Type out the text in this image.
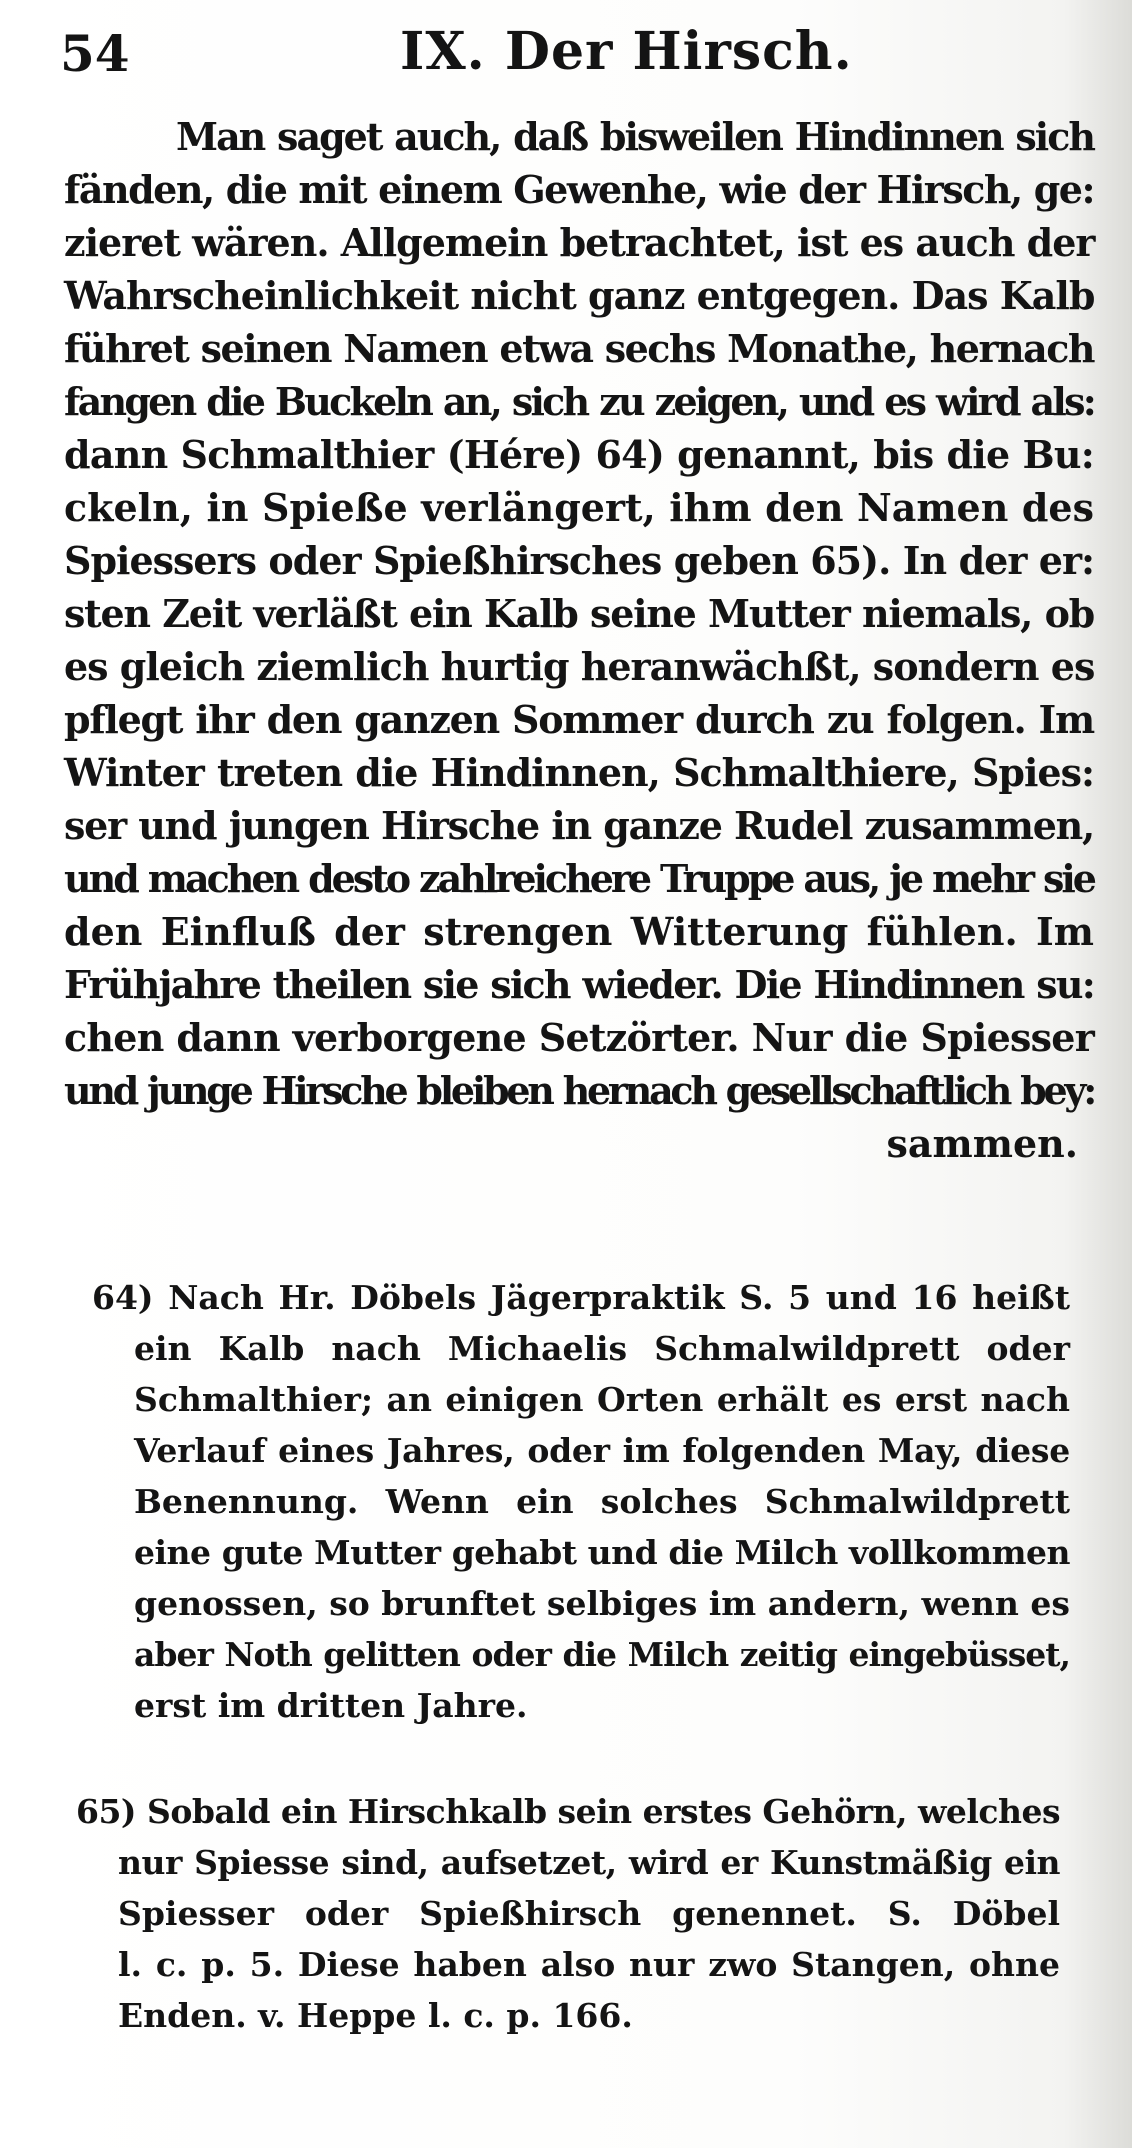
54	IX. Der Hirsch.
Man saget auch, daß bisweilen Hindinnen sich
fänden, die mit einem Gewenhe, wie der Hirsch, ge:
zieret wären. Allgemein betrachtet, ist es auch der
Wahrscheinlichkeit nicht ganz entgegen. Das Kalb
führet seinen Namen etwa sechs Monathe, hernach
fangen die Buckeln an, sich zu zeigen, und es wird als:
dann Schmalthier (Hére) 64) genannt, bis die Bu:
ckeln, in Spieße verlängert, ihm den Namen des
Spiessers oder Spießhirsches geben 65). In der er:
sten Zeit verläßt ein Kalb seine Mutter niemals, ob
es gleich ziemlich hurtig heranwächßt, sondern es
pflegt ihr den ganzen Sommer durch zu folgen. Im
Winter treten die Hindinnen, Schmalthiere, Spies:
ser und jungen Hirsche in ganze Rudel zusammen,
und machen desto zahlreichere Truppe aus, je mehr sie
den Einfluß der strengen Witterung fühlen. Im
Frühjahre theilen sie sich wieder. Die Hindinnen su:
chen dann verborgene Setzörter. Nur die Spiesser
und junge Hirsche bleiben hernach gesellschaftlich bey:
sammen.
64) Nach Hr. Döbels Jägerpraktik S. 5 und 16 heißt
ein Kalb nach Michaelis Schmalwildprett oder
Schmalthier; an einigen Orten erhält es erst nach
Verlauf eines Jahres, oder im folgenden May, diese
Benennung. Wenn ein solches Schmalwildprett
eine gute Mutter gehabt und die Milch vollkommen
genossen, so brunftet selbiges im andern, wenn es
aber Noth gelitten oder die Milch zeitig eingebüsset,
erst im dritten Jahre.
65) Sobald ein Hirschkalb sein erstes Gehörn, welches
nur Spiesse sind, aufsetzet, wird er Kunstmäßig ein
Spiesser oder Spießhirsch genennet. S. Döbel
l. c. p. 5. Diese haben also nur zwo Stangen, ohne
Enden. v. Heppe l. c. p. 166.
